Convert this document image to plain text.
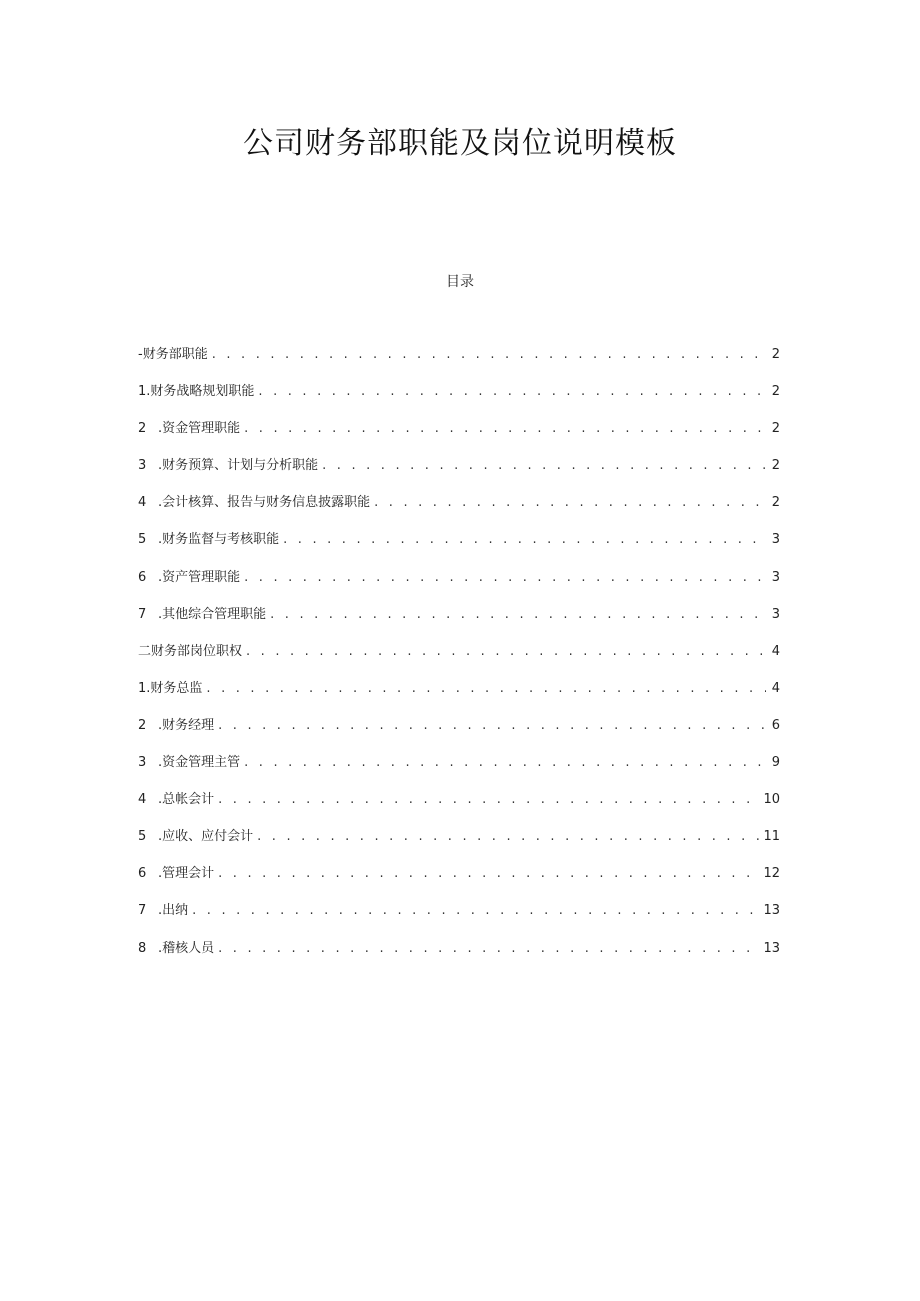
公司财务部职能及岗位说明模板
目录
-财务部职能 . . .	2
1.财务战略规划职能 . . .	2
2 .资金管理职能 . . .	2
3 .财务预算、计划与分析职能 . . .	2
4 .会计核算、报告与财务信息披露职能 . . .	2
5 .财务监督与考核职能 . . .	3
6 .资产管理职能 . . .	3
7 .其他综合管理职能 . . .	3
二财务部岗位职权 . . .	4
1.财务总监 . . .	4
2 .财务经理 . . .	6
3 .资金管理主管 . . .	9
4 .总帐会计 . . .	10
5 .应收、应付会计 . . .	11
6 .管理会计 . . .	12
7 .出纳 . . .	13
8 .稽核人员 . . .	13
